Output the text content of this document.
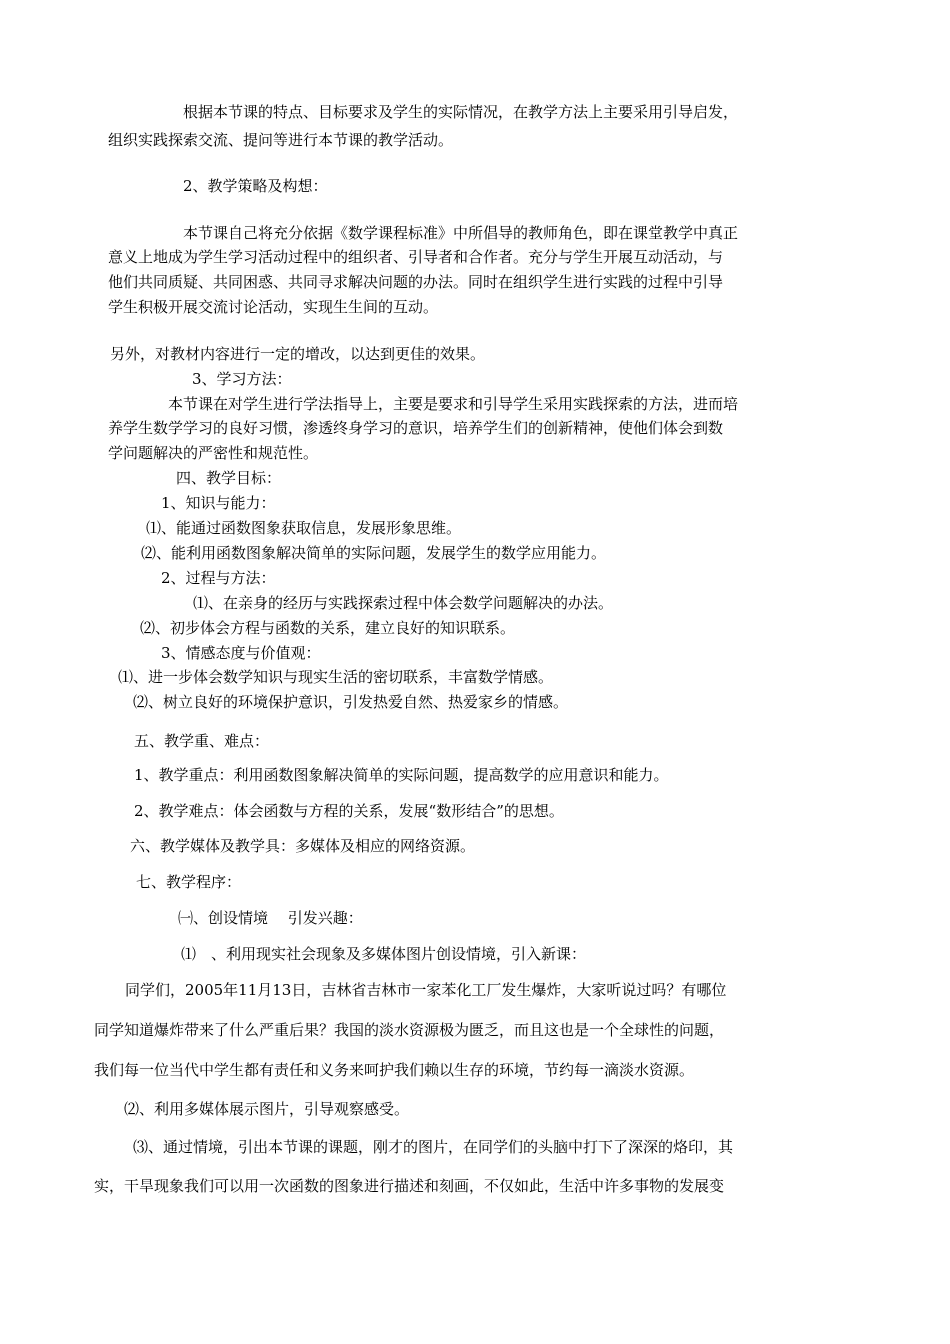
根据本节课的特点、目标要求及学生的实际情况，在教学方法上主要采用引导启发，
组织实践探索交流、提问等进行本节课的教学活动。
2、教学策略及构想：
本节课自己将充分依据《数学课程标准》中所倡导的教师角色，即在课堂教学中真正
意义上地成为学生学习活动过程中的组织者、引导者和合作者。充分与学生开展互动活动，与
他们共同质疑、共同困惑、共同寻求解决问题的办法。同时在组织学生进行实践的过程中引导
学生积极开展交流讨论活动，实现生生间的互动。
另外，对教材内容进行一定的增改，以达到更佳的效果。
3、学习方法：
本节课在对学生进行学法指导上，主要是要求和引导学生采用实践探索的方法，进而培
养学生数学学习的良好习惯，渗透终身学习的意识，培养学生们的创新精神，使他们体会到数
学问题解决的严密性和规范性。
四、教学目标：
1、知识与能力：
⑴、能通过函数图象获取信息，发展形象思维。
⑵、能利用函数图象解决简单的实际问题，发展学生的数学应用能力。
2、过程与方法：
⑴、在亲身的经历与实践探索过程中体会数学问题解决的办法。
⑵、初步体会方程与函数的关系，建立良好的知识联系。
3、情感态度与价值观：
⑴、进一步体会数学知识与现实生活的密切联系，丰富数学情感。
⑵、树立良好的环境保护意识，引发热爱自然、热爱家乡的情感。
五、教学重、难点：
1、教学重点：利用函数图象解决简单的实际问题，提高数学的应用意识和能力。
2、教学难点：体会函数与方程的关系，发展“数形结合”的思想。
六、教学媒体及教学具：多媒体及相应的网络资源。
七、教学程序：
㈠、创设情境　 引发兴趣：
⑴　、利用现实社会现象及多媒体图片创设情境，引入新课：
同学们，2005年11月13日，吉林省吉林市一家苯化工厂发生爆炸，大家听说过吗？有哪位
同学知道爆炸带来了什么严重后果？我国的淡水资源极为匮乏，而且这也是一个全球性的问题，
我们每一位当代中学生都有责任和义务来呵护我们赖以生存的环境，节约每一滴淡水资源。
⑵、利用多媒体展示图片，引导观察感受。
⑶、通过情境，引出本节课的课题，刚才的图片，在同学们的头脑中打下了深深的烙印，其
实，干旱现象我们可以用一次函数的图象进行描述和刻画，不仅如此，生活中许多事物的发展变
